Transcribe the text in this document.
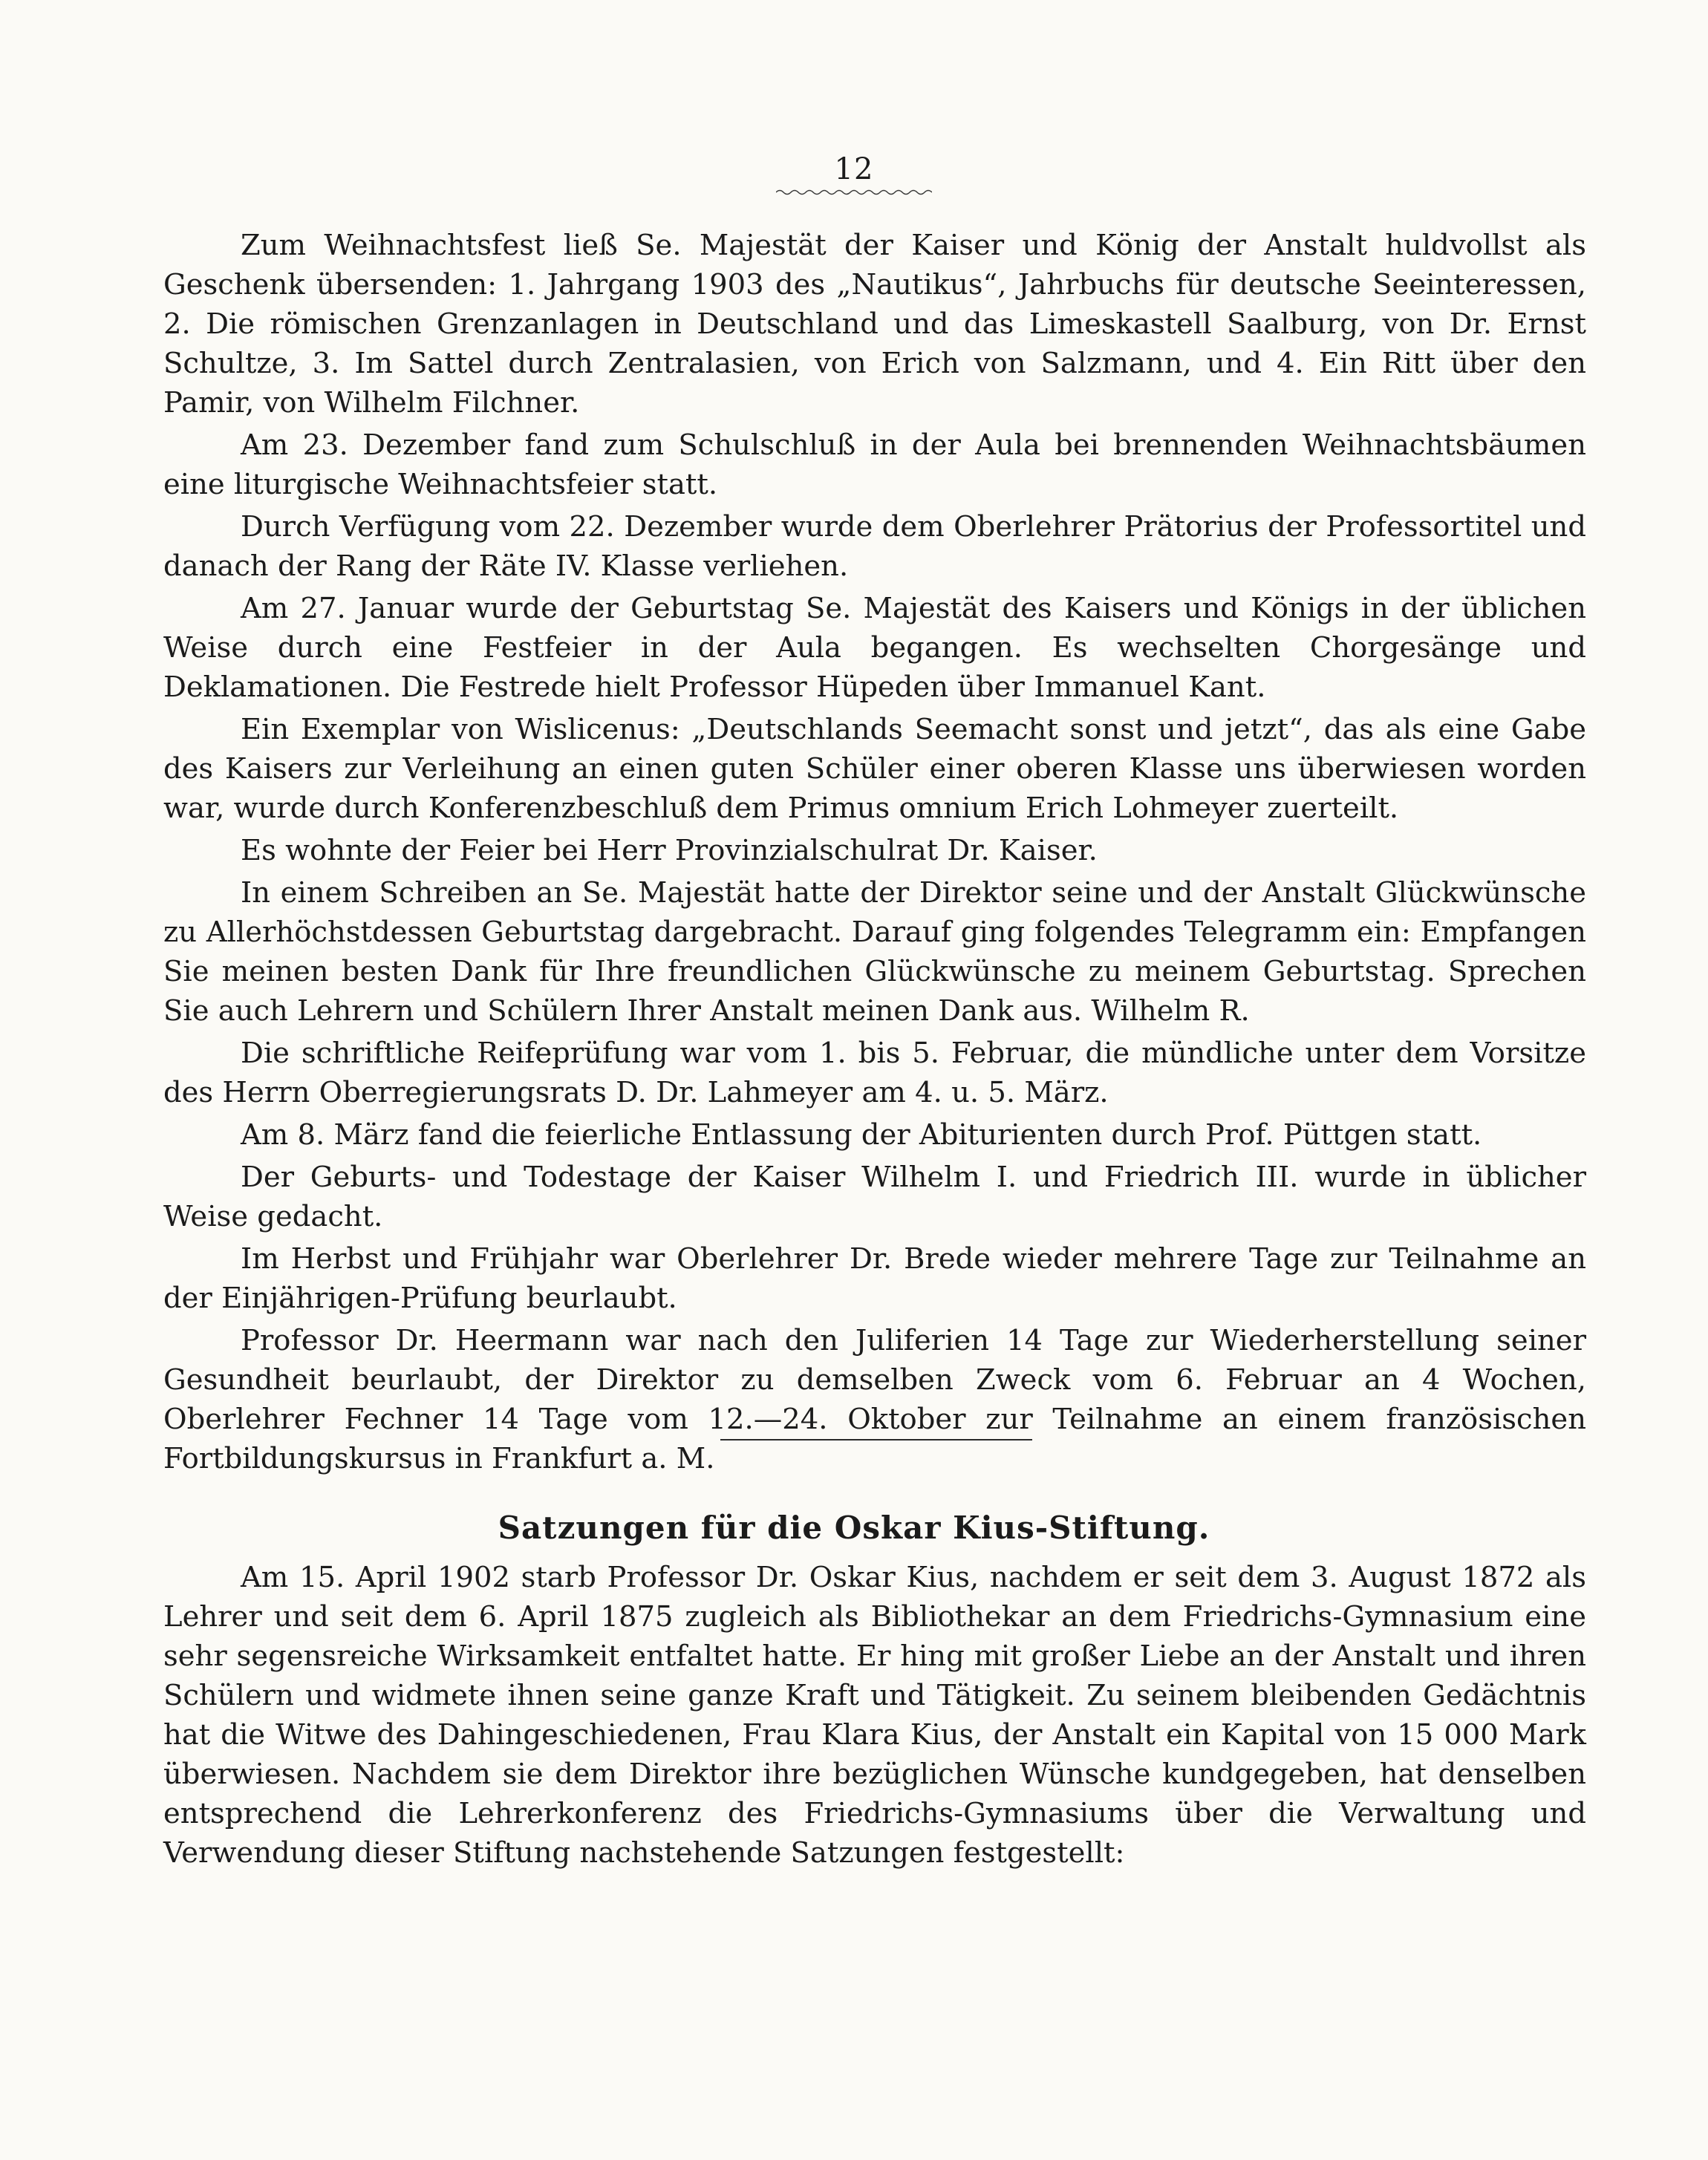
12

Zum Weihnachtsfest ließ Se. Majestät der Kaiser und König der Anstalt huldvollst als Geschenk übersenden: 1. Jahrgang 1903 des „Nautikus“, Jahrbuchs für deutsche Seeinteressen, 2. Die römischen Grenzanlagen in Deutschland und das Limeskastell Saalburg, von Dr. Ernst Schultze, 3. Im Sattel durch Zentralasien, von Erich von Salzmann, und 4. Ein Ritt über den Pamir, von Wilhelm Filchner.

Am 23. Dezember fand zum Schulschluß in der Aula bei brennenden Weihnachtsbäumen eine liturgische Weihnachtsfeier statt.

Durch Verfügung vom 22. Dezember wurde dem Oberlehrer Prätorius der Professortitel und danach der Rang der Räte IV. Klasse verliehen.

Am 27. Januar wurde der Geburtstag Se. Majestät des Kaisers und Königs in der üblichen Weise durch eine Festfeier in der Aula begangen. Es wechselten Chorgesänge und Deklamationen. Die Festrede hielt Professor Hüpeden über Immanuel Kant.

Ein Exemplar von Wislicenus: „Deutschlands Seemacht sonst und jetzt“, das als eine Gabe des Kaisers zur Verleihung an einen guten Schüler einer oberen Klasse uns überwiesen worden war, wurde durch Konferenzbeschluß dem Primus omnium Erich Lohmeyer zuerteilt.

Es wohnte der Feier bei Herr Provinzialschulrat Dr. Kaiser.

In einem Schreiben an Se. Majestät hatte der Direktor seine und der Anstalt Glückwünsche zu Allerhöchstdessen Geburtstag dargebracht. Darauf ging folgendes Telegramm ein: Empfangen Sie meinen besten Dank für Ihre freundlichen Glückwünsche zu meinem Geburtstag. Sprechen Sie auch Lehrern und Schülern Ihrer Anstalt meinen Dank aus. Wilhelm R.

Die schriftliche Reifeprüfung war vom 1. bis 5. Februar, die mündliche unter dem Vorsitze des Herrn Oberregierungsrats D. Dr. Lahmeyer am 4. u. 5. März.

Am 8. März fand die feierliche Entlassung der Abiturienten durch Prof. Püttgen statt.

Der Geburts- und Todestage der Kaiser Wilhelm I. und Friedrich III. wurde in üblicher Weise gedacht.

Im Herbst und Frühjahr war Oberlehrer Dr. Brede wieder mehrere Tage zur Teilnahme an der Einjährigen-Prüfung beurlaubt.

Professor Dr. Heermann war nach den Juliferien 14 Tage zur Wiederherstellung seiner Gesundheit beurlaubt, der Direktor zu demselben Zweck vom 6. Februar an 4 Wochen, Oberlehrer Fechner 14 Tage vom 12.—24. Oktober zur Teilnahme an einem französischen Fortbildungskursus in Frankfurt a. M.

Satzungen für die Oskar Kius-Stiftung.

Am 15. April 1902 starb Professor Dr. Oskar Kius, nachdem er seit dem 3. August 1872 als Lehrer und seit dem 6. April 1875 zugleich als Bibliothekar an dem Friedrichs-Gymnasium eine sehr segensreiche Wirksamkeit entfaltet hatte. Er hing mit großer Liebe an der Anstalt und ihren Schülern und widmete ihnen seine ganze Kraft und Tätigkeit. Zu seinem bleibenden Gedächtnis hat die Witwe des Dahingeschiedenen, Frau Klara Kius, der Anstalt ein Kapital von 15 000 Mark überwiesen. Nachdem sie dem Direktor ihre bezüglichen Wünsche kundgegeben, hat denselben entsprechend die Lehrerkonferenz des Friedrichs-Gymnasiums über die Verwaltung und Verwendung dieser Stiftung nachstehende Satzungen festgestellt:
